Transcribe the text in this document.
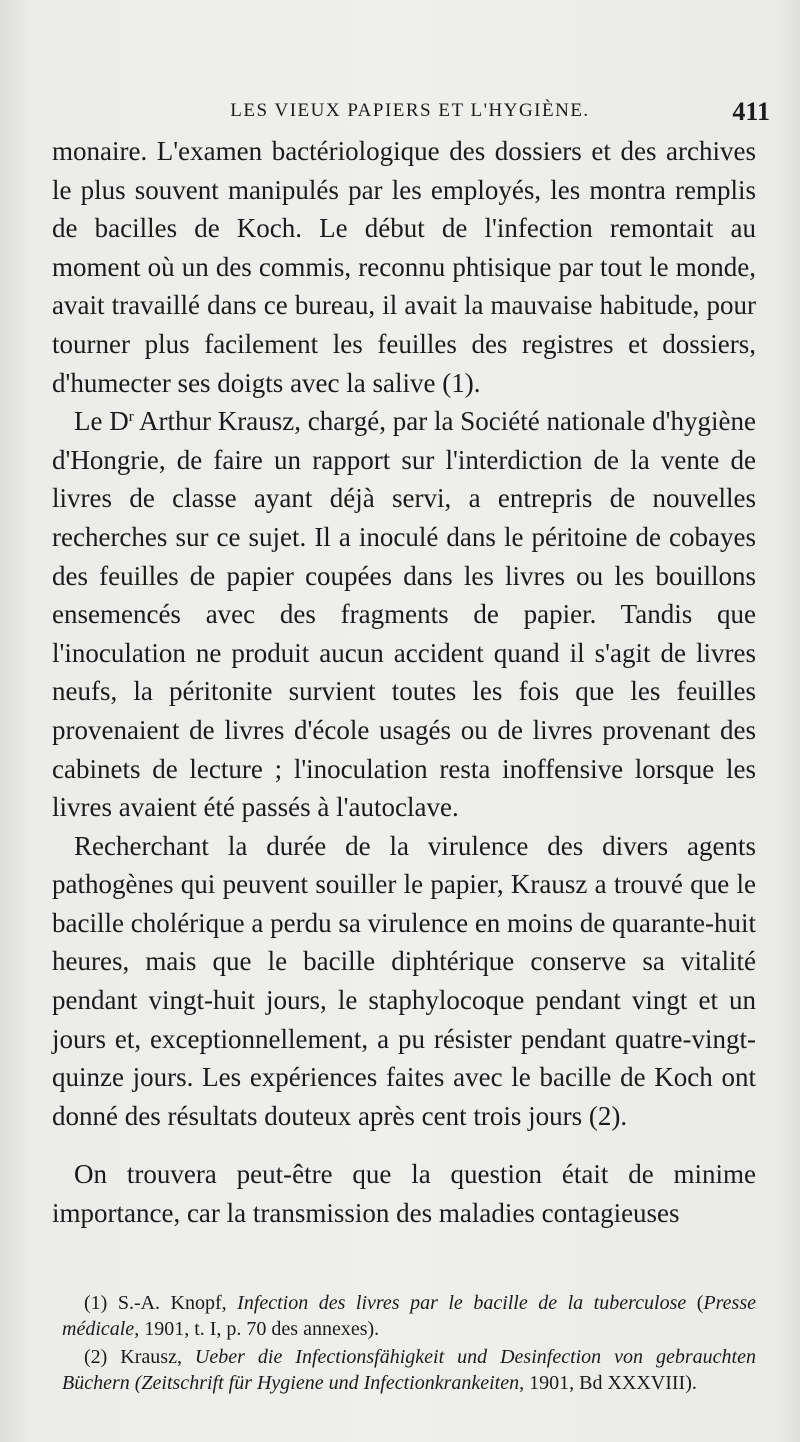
LES VIEUX PAPIERS ET L'HYGIÈNE.	411

monaire. L'examen bactériologique des dossiers et des archives le plus souvent manipulés par les employés, les montra remplis de bacilles de Koch. Le début de l'infection remontait au moment où un des commis, reconnu phtisique par tout le monde, avait travaillé dans ce bureau, il avait la mauvaise habitude, pour tourner plus facilement les feuilles des registres et dossiers, d'humecter ses doigts avec la salive (1).

Le $D^r$ Arthur Krausz, chargé, par la Société nationale d'hygiène d'Hongrie, de faire un rapport sur l'interdiction de la vente de livres de classe ayant déjà servi, a entrepris de nouvelles recherches sur ce sujet. Il a inoculé dans le péritoine de cobayes des feuilles de papier coupées dans les livres ou les bouillons ensemencés avec des fragments de papier. Tandis que l'inoculation ne produit aucun accident quand il s'agit de livres neufs, la péritonite survient toutes les fois que les feuilles provenaient de livres d'école usagés ou de livres provenant des cabinets de lecture ; l'inoculation resta inoffensive lorsque les livres avaient été passés à l'autoclave.

Recherchant la durée de la virulence des divers agents pathogènes qui peuvent souiller le papier, Krausz a trouvé que le bacille cholérique a perdu sa virulence en moins de quarante-huit heures, mais que le bacille diphtérique conserve sa vitalité pendant vingt-huit jours, le staphylocoque pendant vingt et un jours et, exceptionnellement, a pu résister pendant quatre-vingt-quinze jours. Les expériences faites avec le bacille de Koch ont donné des résultats douteux après cent trois jours (2).

On trouvera peut-être que la question était de minime importance, car la transmission des maladies contagieuses

(1) S.-A. Knopf, Infection des livres par le bacille de la tuberculose (Presse médicale, 1901, t. I, p. 70 des annexes).

(2) Krausz, Ueber die Infectionsfähigkeit und Desinfection von gebrauchten Büchern (Zeitschrift für Hygiene und Infectionkrankeiten, 1901, Bd XXXVIII).
